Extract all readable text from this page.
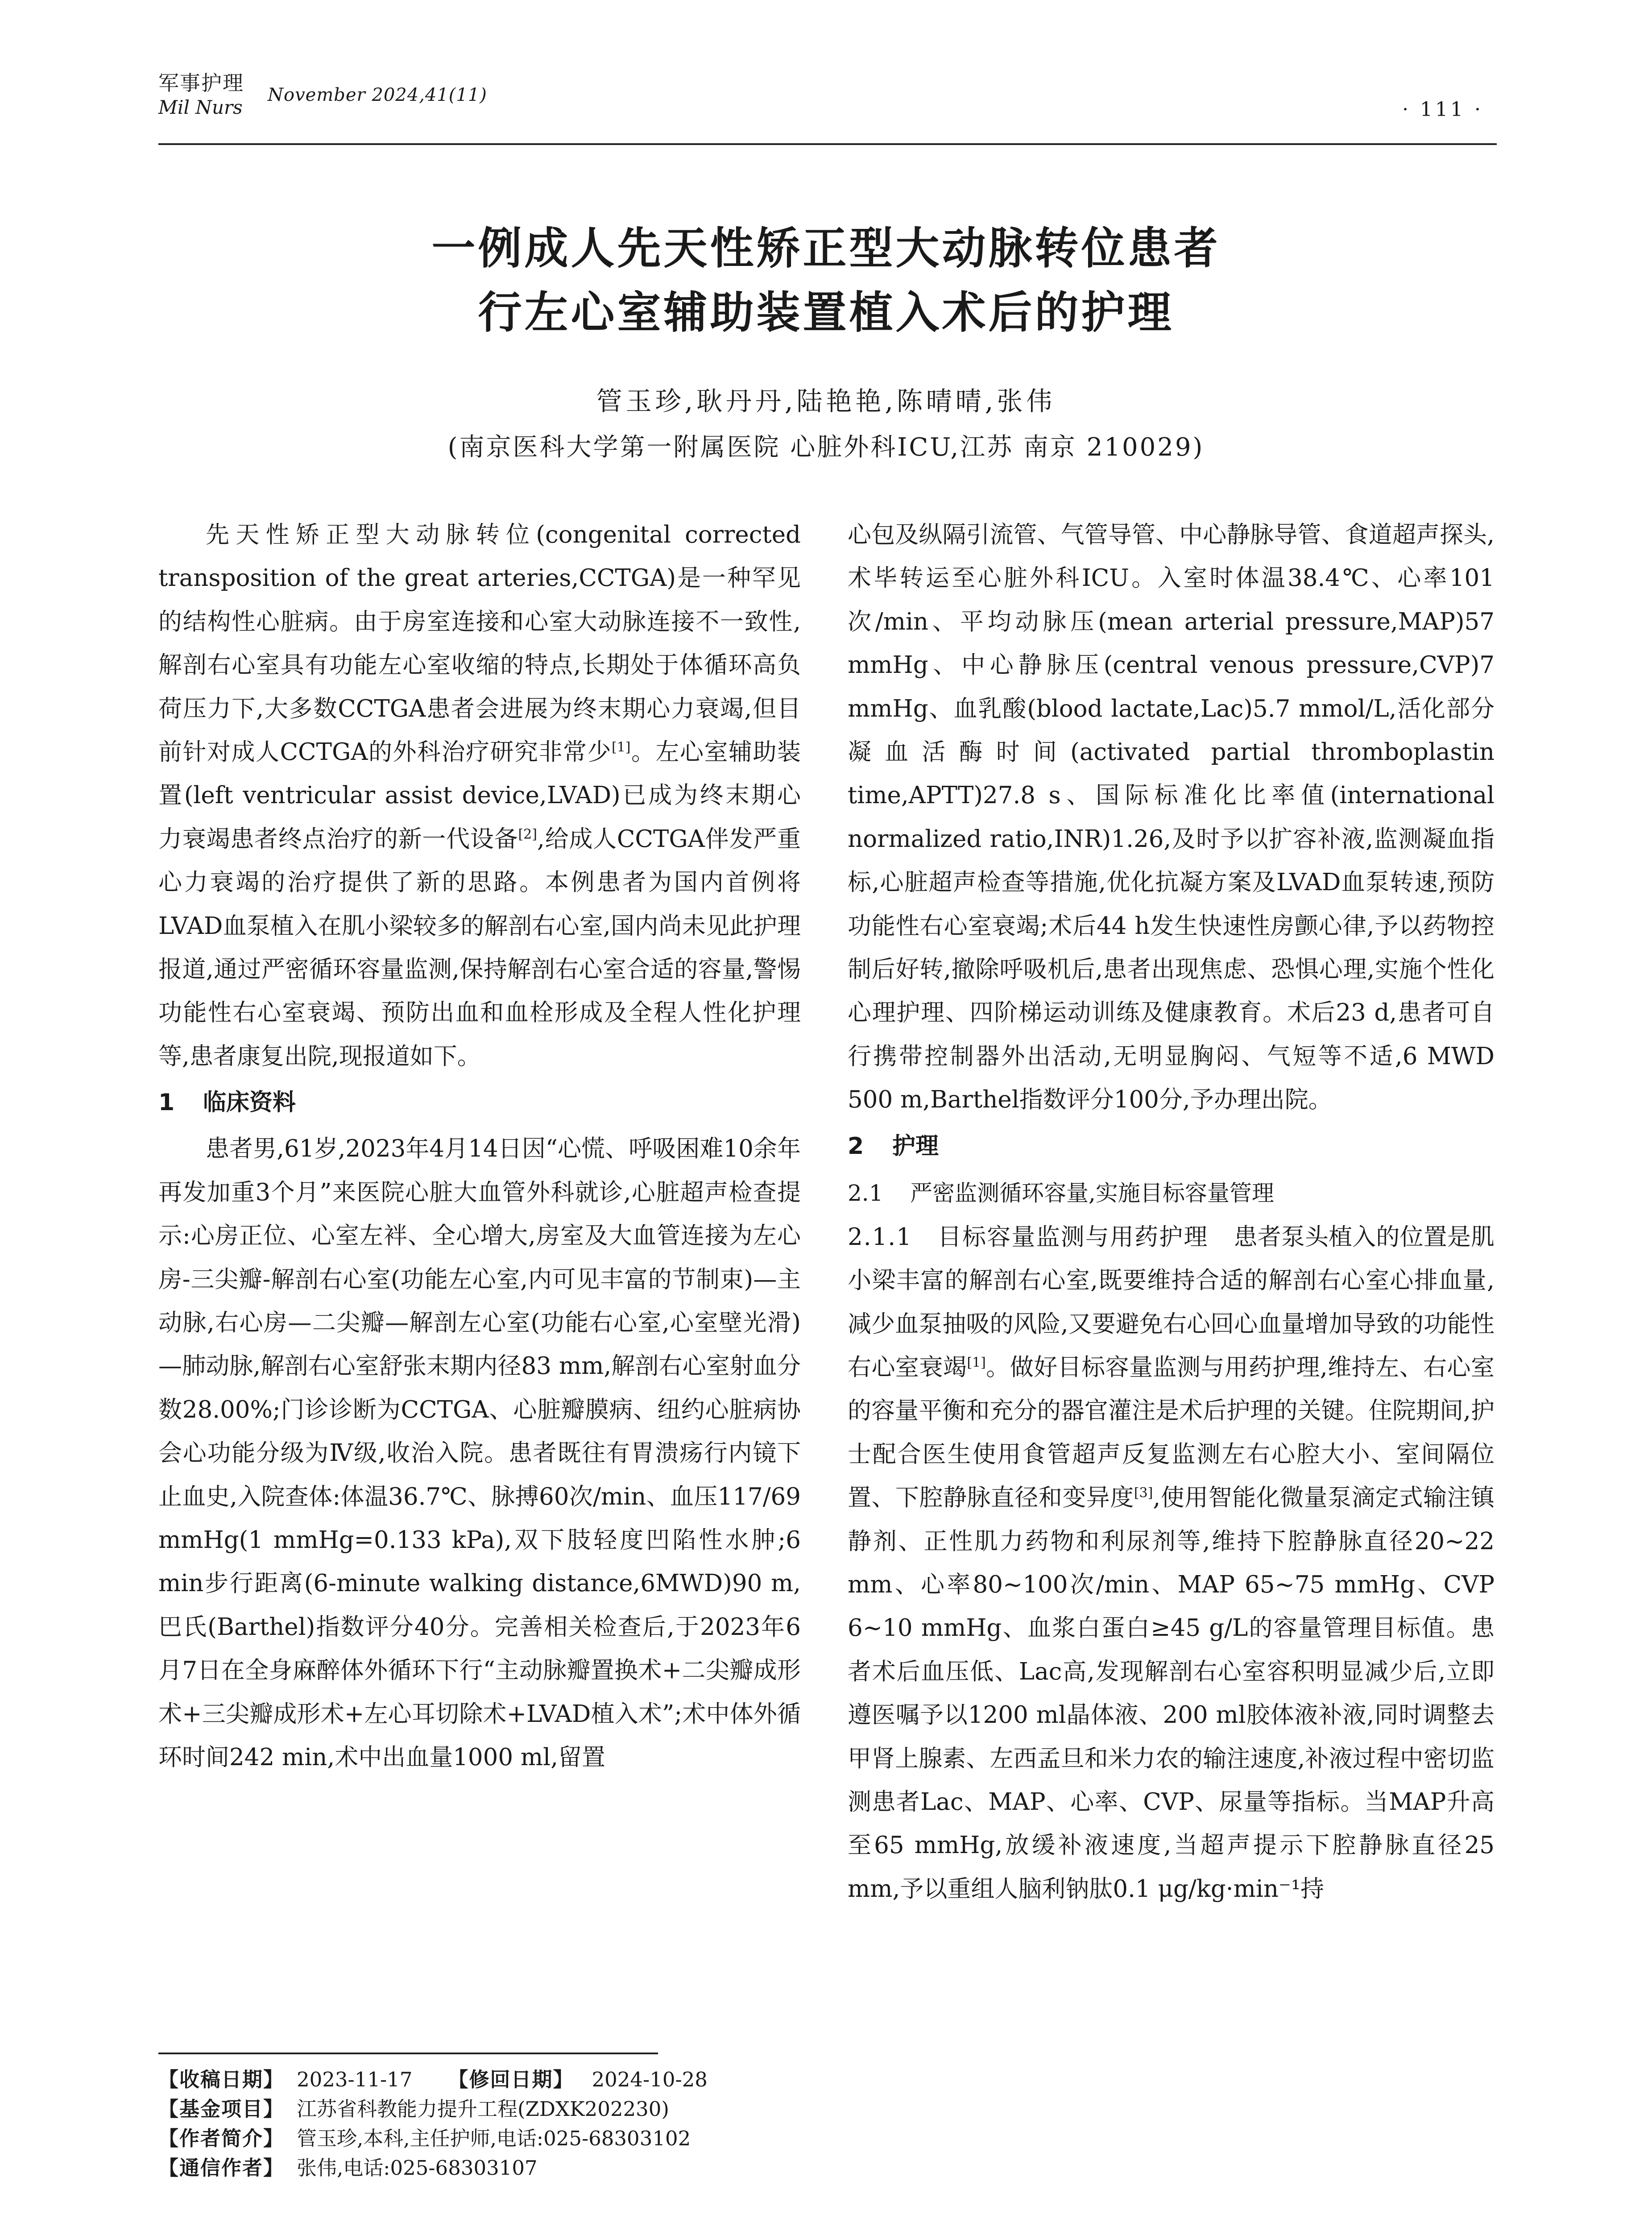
军事护理
Mil Nurs
November 2024,41(11)
· 111 ·
一例成人先天性矫正型大动脉转位患者
行左心室辅助装置植入术后的护理
管玉珍,耿丹丹,陆艳艳,陈晴晴,张伟
(南京医科大学第一附属医院 心脏外科ICU,江苏 南京 210029)

先天性矫正型大动脉转位(congenital corrected transposition of the great arteries,CCTGA)是一种罕见的结构性心脏病。由于房室连接和心室大动脉连接不一致性,解剖右心室具有功能左心室收缩的特点,长期处于体循环高负荷压力下,大多数CCTGA患者会进展为终末期心力衰竭,但目前针对成人CCTGA的外科治疗研究非常少[1]。左心室辅助装置(left ventricular assist device,LVAD)已成为终末期心力衰竭患者终点治疗的新一代设备[2],给成人CCTGA伴发严重心力衰竭的治疗提供了新的思路。本例患者为国内首例将LVAD血泵植入在肌小梁较多的解剖右心室,国内尚未见此护理报道,通过严密循环容量监测,保持解剖右心室合适的容量,警惕功能性右心室衰竭、预防出血和血栓形成及全程人性化护理等,患者康复出院,现报道如下。

1 临床资料

患者男,61岁,2023年4月14日因“心慌、呼吸困难10余年再发加重3个月”来医院心脏大血管外科就诊,心脏超声检查提示:心房正位、心室左袢、全心增大,房室及大血管连接为左心房-三尖瓣-解剖右心室(功能左心室,内可见丰富的节制束)—主动脉,右心房—二尖瓣—解剖左心室(功能右心室,心室壁光滑)—肺动脉,解剖右心室舒张末期内径83 mm,解剖右心室射血分数28.00%;门诊诊断为CCTGA、心脏瓣膜病、纽约心脏病协会心功能分级为Ⅳ级,收治入院。患者既往有胃溃疡行内镜下止血史,入院查体:体温36.7℃、脉搏60次/min、血压117/69 mmHg(1 mmHg=0.133 kPa),双下肢轻度凹陷性水肿;6 min步行距离(6-minute walking distance,6MWD)90 m,巴氏(Barthel)指数评分40分。完善相关检查后,于2023年6月7日在全身麻醉体外循环下行“主动脉瓣置换术+二尖瓣成形术+三尖瓣成形术+左心耳切除术+LVAD植入术”;术中体外循环时间242 min,术中出血量1000 ml,留置

心包及纵隔引流管、气管导管、中心静脉导管、食道超声探头,术毕转运至心脏外科ICU。入室时体温38.4℃、心率101次/min、平均动脉压(mean arterial pressure,MAP)57 mmHg、中心静脉压(central venous pressure,CVP)7 mmHg、血乳酸(blood lactate,Lac)5.7 mmol/L,活化部分凝血活酶时间(activated partial thromboplastin time,APTT)27.8 s、国际标准化比率值(international normalized ratio,INR)1.26,及时予以扩容补液,监测凝血指标,心脏超声检查等措施,优化抗凝方案及LVAD血泵转速,预防功能性右心室衰竭;术后44 h发生快速性房颤心律,予以药物控制后好转,撤除呼吸机后,患者出现焦虑、恐惧心理,实施个性化心理护理、四阶梯运动训练及健康教育。术后23 d,患者可自行携带控制器外出活动,无明显胸闷、气短等不适,6 MWD 500 m,Barthel指数评分100分,予办理出院。

2 护理
2.1 严密监测循环容量,实施目标容量管理

2.1.1 目标容量监测与用药护理 患者泵头植入的位置是肌小梁丰富的解剖右心室,既要维持合适的解剖右心室心排血量,减少血泵抽吸的风险,又要避免右心回心血量增加导致的功能性右心室衰竭[1]。做好目标容量监测与用药护理,维持左、右心室的容量平衡和充分的器官灌注是术后护理的关键。住院期间,护士配合医生使用食管超声反复监测左右心腔大小、室间隔位置、下腔静脉直径和变异度[3],使用智能化微量泵滴定式输注镇静剂、正性肌力药物和利尿剂等,维持下腔静脉直径20~22 mm、心率80~100次/min、MAP 65~75 mmHg、CVP 6~10 mmHg、血浆白蛋白≥45 g/L的容量管理目标值。患者术后血压低、Lac高,发现解剖右心室容积明显减少后,立即遵医嘱予以1200 ml晶体液、200 ml胶体液补液,同时调整去甲肾上腺素、左西孟旦和米力农的输注速度,补液过程中密切监测患者Lac、MAP、心率、CVP、尿量等指标。当MAP升高至65 mmHg,放缓补液速度,当超声提示下腔静脉直径25 mm,予以重组人脑利钠肽0.1 μg/kg·min⁻¹持

【收稿日期】 2023-11-17 【修回日期】 2024-10-28
【基金项目】 江苏省科教能力提升工程(ZDXK202230)
【作者简介】 管玉珍,本科,主任护师,电话:025-68303102
【通信作者】 张伟,电话:025-68303107
